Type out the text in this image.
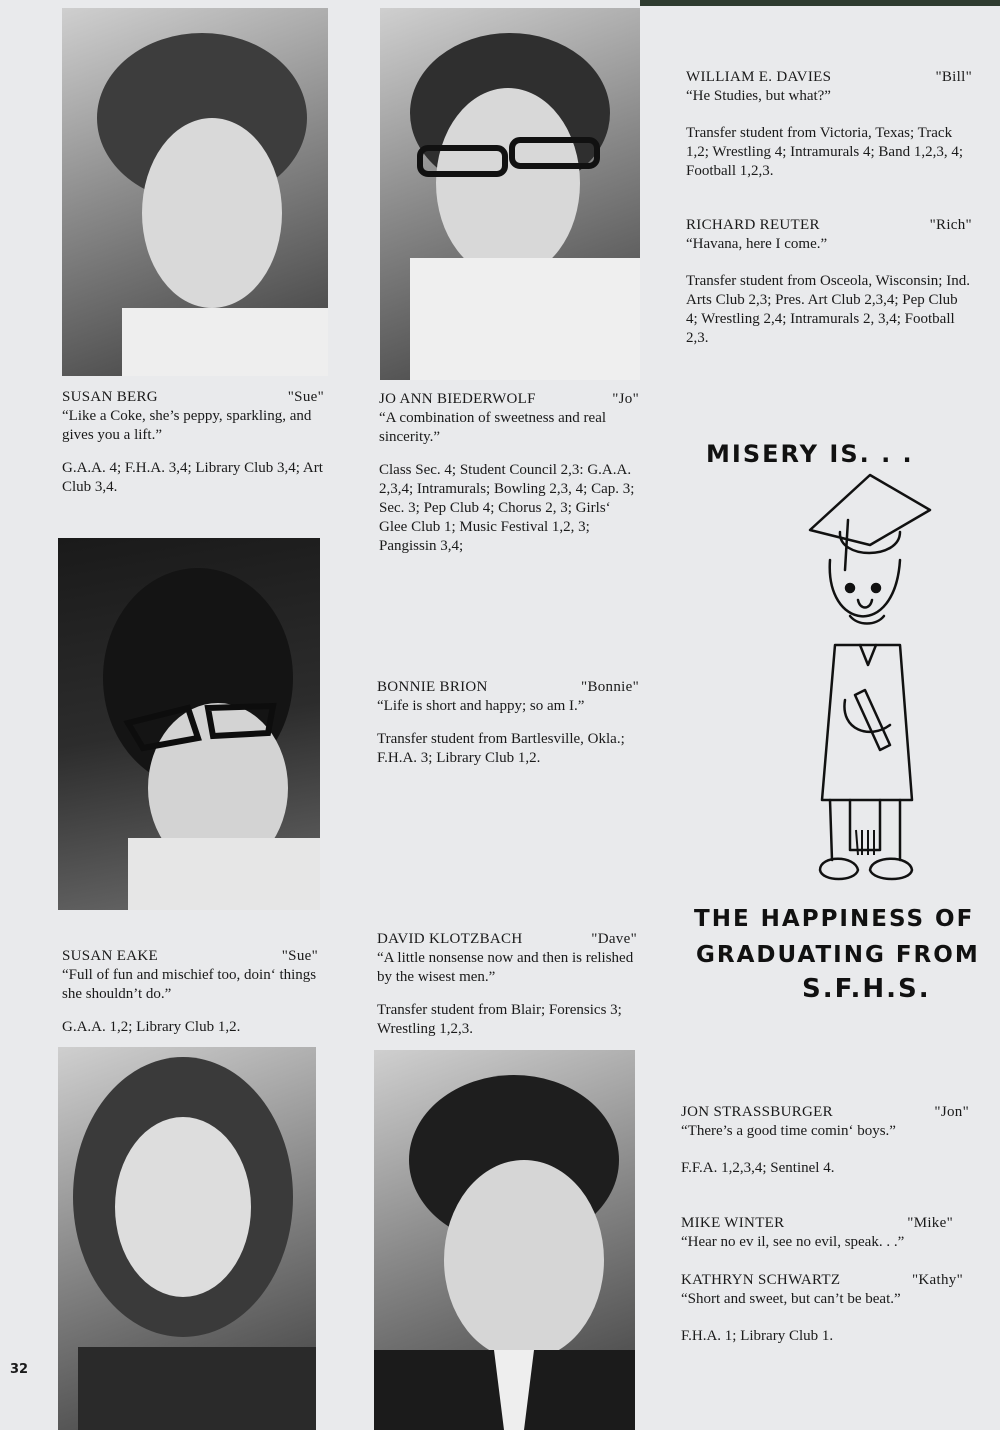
SUSAN BERG	"Sue"

“Like a Coke, she’s peppy, sparkling, and gives you a lift.”

G.A.A. 4; F.H.A. 3,4; Library Club 3,4; Art Club 3,4.

JO ANN BIEDERWOLF	"Jo"

“A combination of sweetness and real sincerity.”

Class Sec. 4; Student Council 2,3: G.A.A. 2,3,4; Intramurals; Bowling 2,3, 4; Cap. 3; Sec. 3; Pep Club 4; Chorus 2, 3; Girls‘ Glee Club 1; Music Festival 1,2, 3; Pangissin 3,4;

WILLIAM E. DAVIES	"Bill"

“He Studies, but what?”

Transfer student from Victoria, Texas; Track 1,2; Wrestling 4; Intramurals 4; Band 1,2,3, 4; Football 1,2,3.

RICHARD REUTER	"Rich"

“Havana, here I come.”

Transfer student from Osceola, Wisconsin; Ind. Arts Club 2,3; Pres. Art Club 2,3,4; Pep Club 4; Wrestling 2,4; Intramurals 2, 3,4; Football 2,3.

BONNIE BRION	"Bonnie"

“Life is short and happy; so am I.”

Transfer student from Bartlesville, Okla.; F.H.A. 3; Library Club 1,2.

SUSAN EAKE	"Sue"

“Full of fun and mischief too, doin‘ things she shouldn’t do.”

G.A.A. 1,2; Library Club 1,2.

DAVID KLOTZBACH	"Dave"

“A little nonsense now and then is relished by the wisest men.”

Transfer student from Blair; Forensics 3; Wrestling 1,2,3.

JON STRASSBURGER	"Jon"

“There’s a good time comin‘ boys.”

F.F.A. 1,2,3,4; Sentinel 4.

MIKE WINTER	"Mike"

“Hear no ev il, see no evil, speak. . .”

KATHRYN SCHWARTZ	"Kathy"

“Short and sweet, but can’t be beat.”

F.H.A. 1; Library Club 1.

MISERY IS. . .
THE HAPPINESS OF
GRADUATING FROM
S.F.H.S.
32
